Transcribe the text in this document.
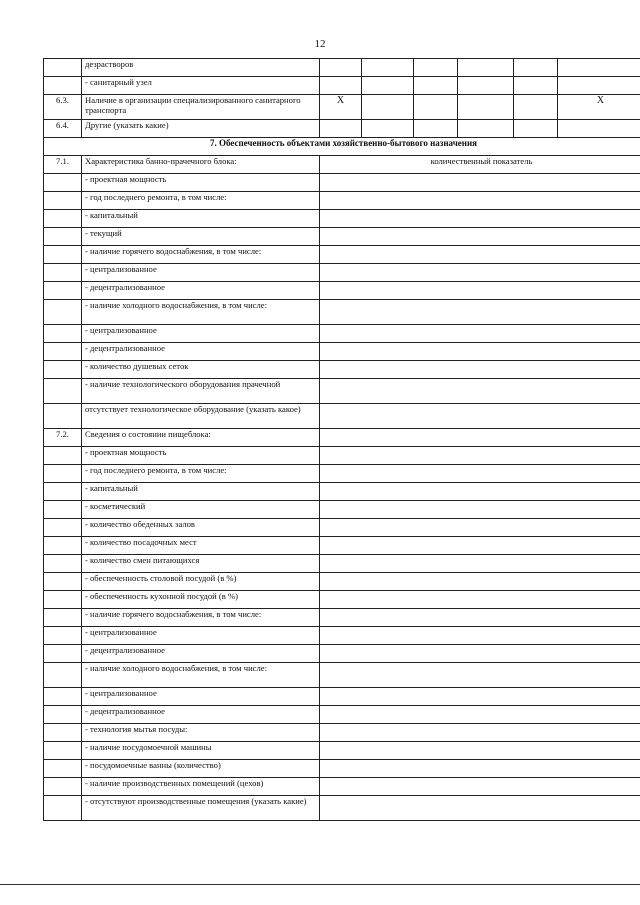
12
	дезрастворов						
	- санитарный узел						
6.3.	Наличие в организации специализированного санитарного транспорта	Х					Х
6.4.	Другие (указать какие)						
7. Обеспеченность объектами хозяйственно-бытового назначения							
7.1.	Характеристика банно-прачечного блока:	количественный показатель					
	- проектная мощность						
	- год последнего ремонта, в том числе:						
	- капитальный						
	- текущий						
	- наличие горячего водоснабжения, в том числе:						
	- централизованное						
	- децентрализованное						
	- наличие холодного водоснабжения, в том числе:						
	- централизованное						
	- децентрализованное						
	- количество душевых сеток						
	- наличие технологического оборудования прачечной						
	отсутствует технологическое оборудование (указать какое)						
7.2.	Сведения о состоянии пищеблока:						
	- проектная мощность						
	- год последнего ремонта, в том числе:						
	- капитальный						
	- косметический						
	- количество обеденных залов						
	- количество посадочных мест						
	- количество смен питающихся						
	- обеспеченность столовой посудой (в %)						
	- обеспеченность кухонной посудой (в %)						
	- наличие горячего водоснабжения, в том числе:						
	- централизованное						
	- децентрализованное						
	- наличие холодного водоснабжения, в том числе:						
	- централизованное						
	- децентрализованное						
	- технология мытья посуды:						
	- наличие посудомоечной машины						
	- посудомоечные ванны (количество)						
	- наличие производственных помещений (цехов)						
	- отсутствуют производственные помещения (указать какие)						
